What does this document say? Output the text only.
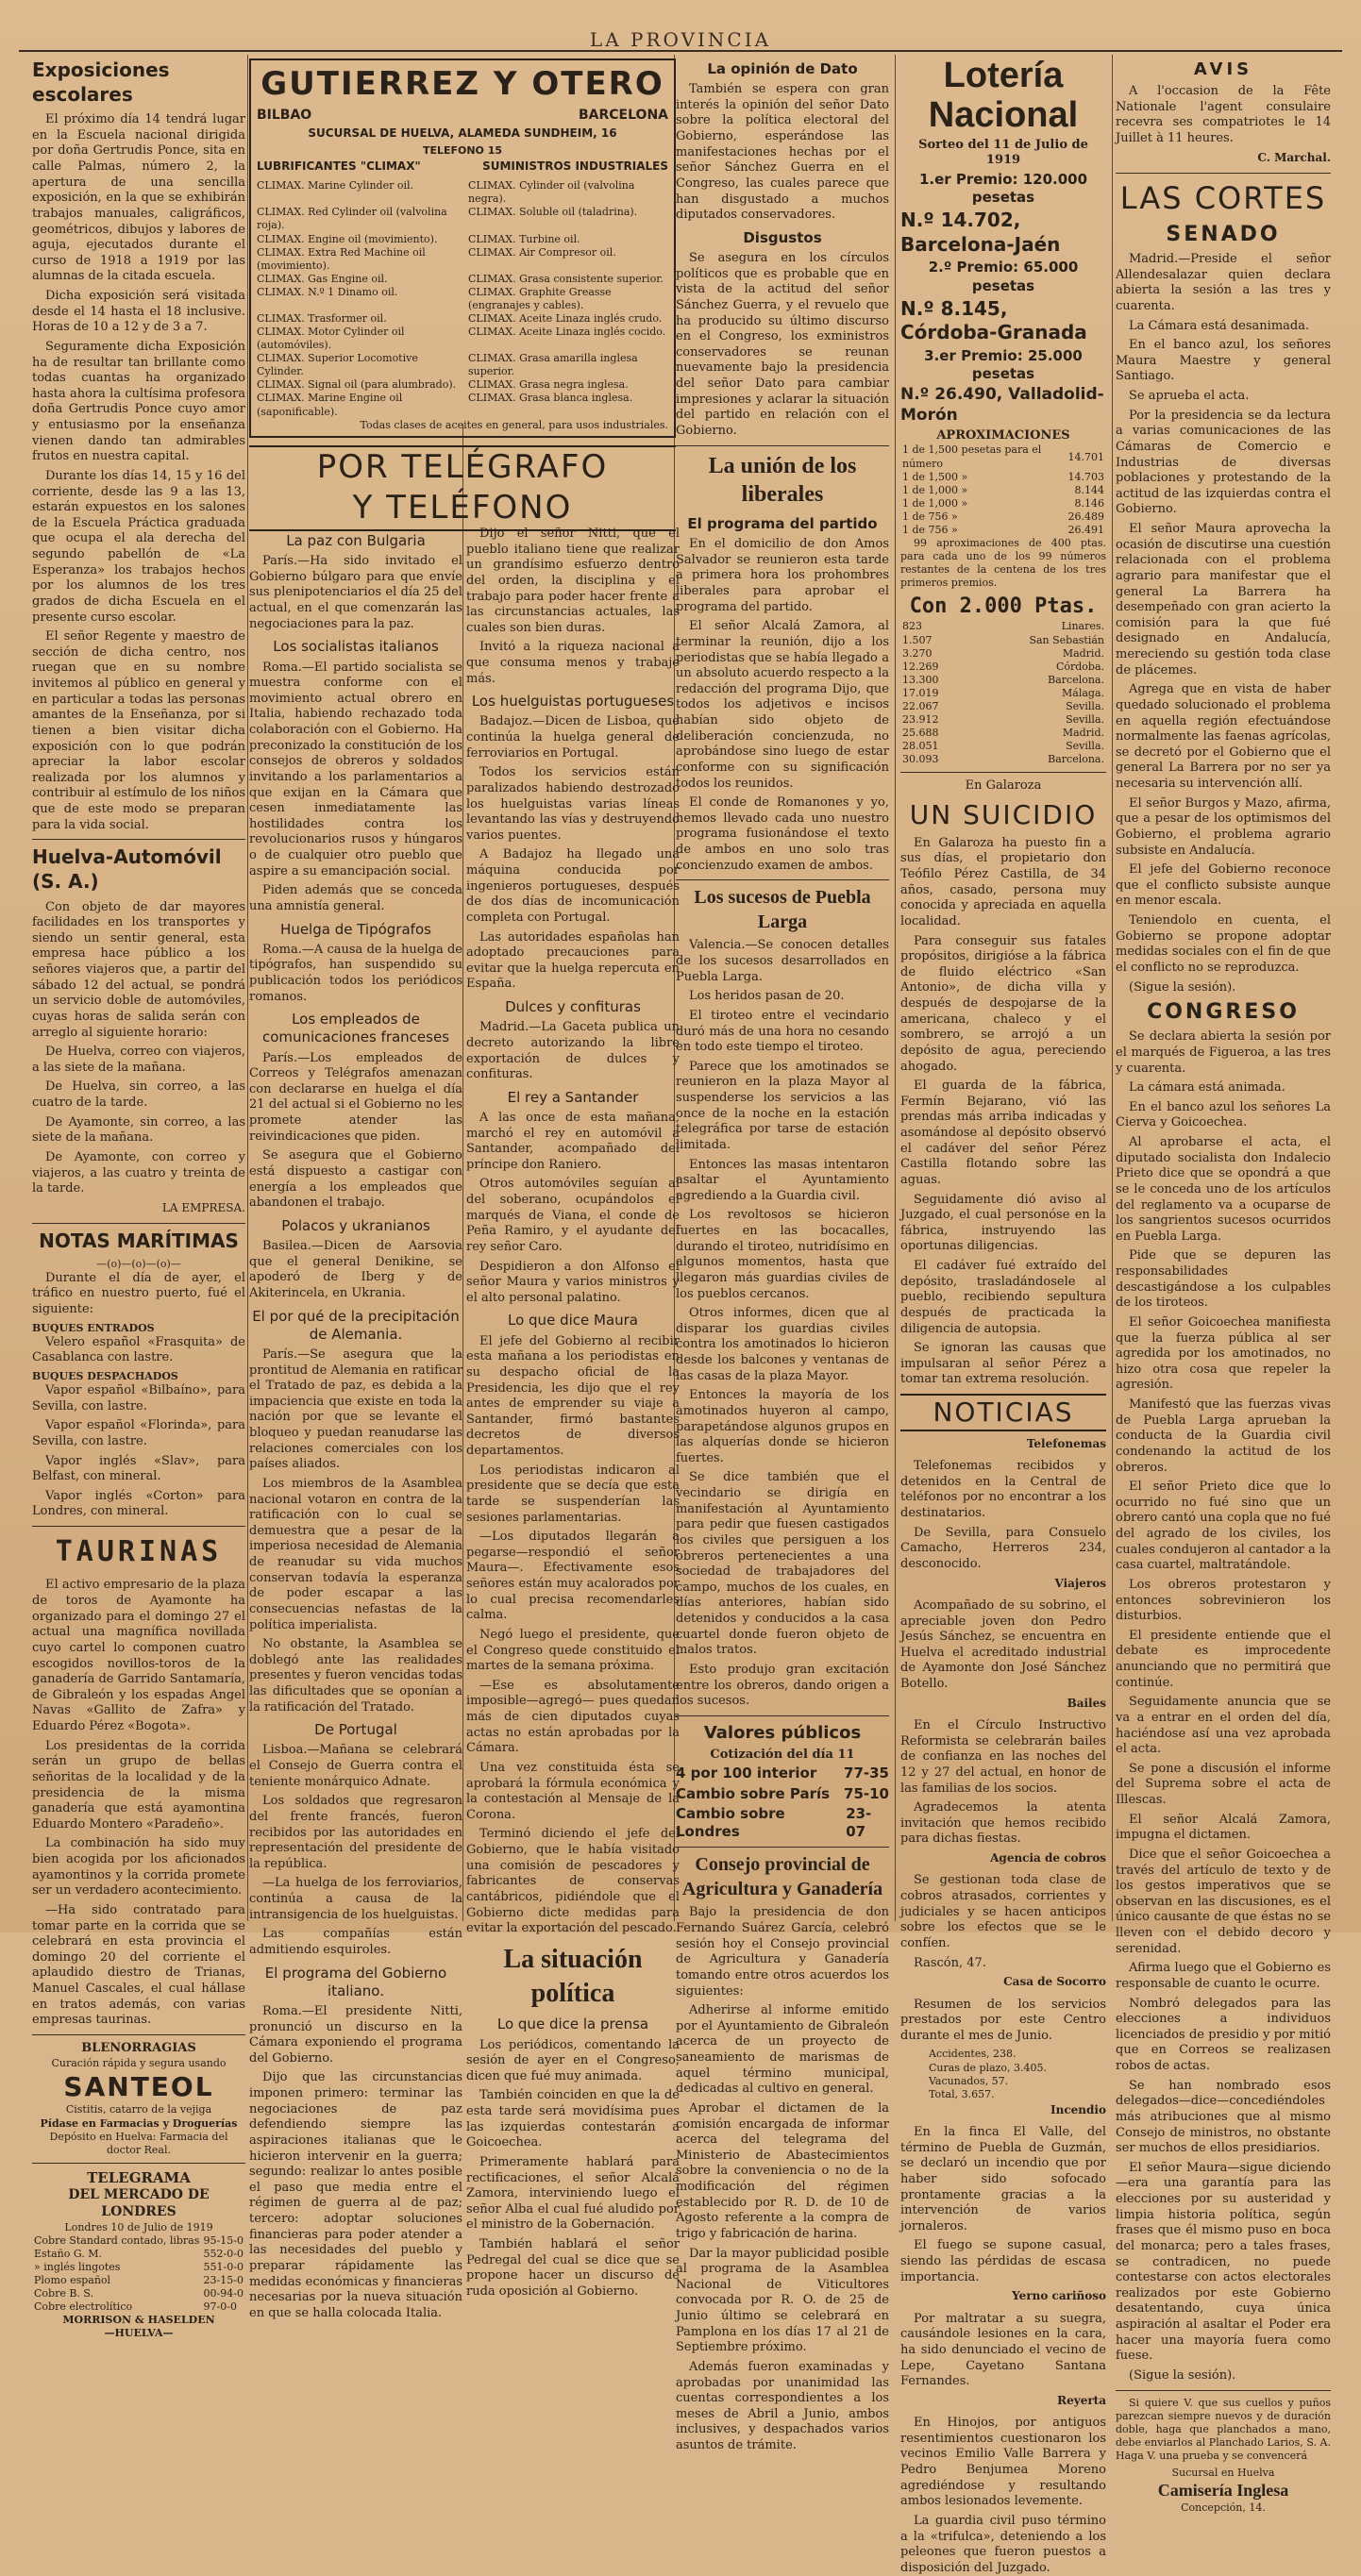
LA PROVINCIA
Exposiciones escolares

El próximo día 14 tendrá lugar en la Escuela nacional dirigida por doña Gertrudis Ponce, sita en calle Palmas, número 2, la apertura de una sencilla exposición, en la que se exhibirán trabajos manuales, caligráficos, geométricos, dibujos y labores de aguja, ejecutados durante el curso de 1918 a 1919 por las alumnas de la citada escuela.

Dicha exposición será visitada desde el 14 hasta el 18 inclusive. Horas de 10 a 12 y de 3 a 7.

Seguramente dicha Exposición ha de resultar tan brillante como todas cuantas ha organizado hasta ahora la cultísima profesora doña Gertrudis Ponce cuyo amor y entusiasmo por la enseñanza vienen dando tan admirables frutos en nuestra capital.

Durante los días 14, 15 y 16 del corriente, desde las 9 a las 13, estarán expuestos en los salones de la Escuela Práctica graduada que ocupa el ala derecha del segundo pabellón de «La Esperanza» los trabajos hechos por los alumnos de los tres grados de dicha Escuela en el presente curso escolar.

El señor Regente y maestro de sección de dicha centro, nos ruegan que en su nombre invitemos al público en general y en particular a todas las personas amantes de la Enseñanza, por si tienen a bien visitar dicha exposición con lo que podrán apreciar la labor escolar realizada por los alumnos y contribuir al estímulo de los niños que de este modo se preparan para la vida social.

Huelva-Automóvil (S. A.)

Con objeto de dar mayores facilidades en los transportes y siendo un sentir general, esta empresa hace público a los señores viajeros que, a partir del sábado 12 del actual, se pondrá un servicio doble de automóviles, cuyas horas de salida serán con arreglo al siguiente horario:

De Huelva, correo con viajeros, a las siete de la mañana.

De Huelva, sin correo, a las cuatro de la tarde.

De Ayamonte, sin correo, a las siete de la mañana.

De Ayamonte, con correo y viajeros, a las cuatro y treinta de la tarde.

LA EMPRESA.
NOTAS MARÍTIMAS
—(o)—(o)—(o)—

Durante el día de ayer, el tráfico en nuestro puerto, fué el siguiente:

BUQUES ENTRADOS

Velero español «Frasquita» de Casablanca con lastre.

BUQUES DESPACHADOS

Vapor español «Bilbaíno», para Sevilla, con lastre.

Vapor español «Florinda», para Sevilla, con lastre.

Vapor inglés «Slav», para Belfast, con mineral.

Vapor inglés «Corton» para Londres, con mineral.

TAURINAS

El activo empresario de la plaza de toros de Ayamonte ha organizado para el domingo 27 el actual una magnífica novillada cuyo cartel lo componen cuatro escogidos novillos-toros de la ganadería de Garrido Santamaría, de Gibraleón y los espadas Angel Navas «Gallito de Zafra» y Eduardo Pérez «Bogota».

Los presidentas de la corrida serán un grupo de bellas señoritas de la localidad y de la presidencia de la misma ganadería que está ayamontina Eduardo Montero «Paradeño».

La combinación ha sido muy bien acogida por los aficionados ayamontinos y la corrida promete ser un verdadero acontecimiento.

—Ha sido contratado para tomar parte en la corrida que se celebrará en esta provincia el domingo 20 del corriente el aplaudido diestro de Trianas, Manuel Cascales, el cual hállase en tratos además, con varias empresas taurinas.

BLENORRAGIAS
Curación rápida y segura usando
SANTEOL
Cistitis, catarro de la vejiga
Pídase en Farmacias y Droguerías
Depósito en Huelva: Farmacia del doctor Real.
TELEGRAMA
DEL MERCADO DE LONDRES
Londres 10 de Julio de 1919
Cobre Standard contado, libras	95-15-0
Estaño G. M.	552-0-0
» inglés lingotes	551-0-0
Plomo español	23-15-0
Cobre B. S.	00-94-0
Cobre electrolítico	97-0-0
MORRISON & HASELDEN
—HUELVA—
GUTIERREZ Y OTERO
BILBAO	BARCELONA
SUCURSAL DE HUELVA, ALAMEDA SUNDHEIM, 16
TELEFONO 15
LUBRIFICANTES "CLIMAX"	SUMINISTROS INDUSTRIALES
CLIMAX. Marine Cylinder oil.	CLIMAX. Cylinder oil (valvolina negra).
CLIMAX. Red Cylinder oil (valvolina roja).
CLIMAX. Soluble oil (taladrina).
CLIMAX. Engine oil (movimiento).	CLIMAX. Turbine oil.
CLIMAX. Extra Red Machine oil (movimiento).
CLIMAX. Air Compresor oil.
CLIMAX. Gas Engine oil.	CLIMAX. Grasa consistente superior.
CLIMAX. N.º 1 Dinamo oil.	CLIMAX. Graphite Greasse (engranajes y cables).
CLIMAX. Trasformer oil.	CLIMAX. Aceite Linaza inglés crudo.
CLIMAX. Motor Cylinder oil (automóviles).
CLIMAX. Aceite Linaza inglés cocido.
CLIMAX. Superior Locomotive Cylinder.
CLIMAX. Grasa amarilla inglesa superior.
CLIMAX. Signal oil (para alumbrado). CLIMAX. Grasa negra inglesa.
CLIMAX. Marine Engine oil (saponificable).
CLIMAX. Grasa blanca inglesa.
Todas clases de aceites en general, para usos industriales.
POR TELÉGRAFO
Y TELÉFONO
La paz con Bulgaria

París.—Ha sido invitado el Gobierno búlgaro para que envíe sus plenipotenciarios el día 25 del actual, en el que comenzarán las negociaciones para la paz.

Los socialistas italianos

Roma.—El partido socialista se muestra conforme con el movimiento actual obrero en Italia, habiendo rechazado toda colaboración con el Gobierno. Ha preconizado la constitución de los consejos de obreros y soldados invitando a los parlamentarios a que exijan en la Cámara que cesen inmediatamente las hostilidades contra los revolucionarios rusos y húngaros o de cualquier otro pueblo que aspire a su emancipación social.

Piden además que se conceda una amnistía general.

Huelga de Tipógrafos

Roma.—A causa de la huelga de tipógrafos, han suspendido su publicación todos los periódicos romanos.

Los empleados de comunicaciones franceses

París.—Los empleados de Correos y Telégrafos amenazan con declararse en huelga el día 21 del actual si el Gobierno no les promete atender las reivindicaciones que piden.

Se asegura que el Gobierno está dispuesto a castigar con energía a los empleados que abandonen el trabajo.

Polacos y ukranianos

Basilea.—Dicen de Aarsovia que el general Denikine, se apoderó de Iberg y de Akiterincela, en Ukrania.

El por qué de la precipitación de Alemania.

París.—Se asegura que la prontitud de Alemania en ratificar el Tratado de paz, es debida a la impaciencia que existe en toda la nación por que se levante el bloqueo y puedan reanudarse las relaciones comerciales con los países aliados.

Los miembros de la Asamblea nacional votaron en contra de la ratificación con lo cual se demuestra que a pesar de la imperiosa necesidad de Alemania de reanudar su vida muchos conservan todavía la esperanza de poder escapar a las consecuencias nefastas de la política imperialista.

No obstante, la Asamblea se doblegó ante las realidades presentes y fueron vencidas todas las dificultades que se oponían a la ratificación del Tratado.

De Portugal

Lisboa.—Mañana se celebrará el Consejo de Guerra contra el teniente monárquico Adnate.

Los soldados que regresaron del frente francés, fueron recibidos por las autoridades en representación del presidente de la república.

—La huelga de los ferroviarios, continúa a causa de la intransigencia de los huelguistas.

Las compañías están admitiendo esquiroles.

El programa del Gobierno italiano.

Roma.—El presidente Nitti, pronunció un discurso en la Cámara exponiendo el programa del Gobierno.

Dijo que las circunstancias imponen primero: terminar las negociaciones de paz defendiendo siempre las aspiraciones italianas que le hicieron intervenir en la guerra; segundo: realizar lo antes posible el paso que media entre el régimen de guerra al de paz; tercero: adoptar soluciones financieras para poder atender a las necesidades del pueblo y preparar rápidamente las medidas económicas y financieras necesarias por la nueva situación en que se halla colocada Italia.

Dijo el señor Nitti, que el pueblo italiano tiene que realizar un grandísimo esfuerzo dentro del orden, la disciplina y el trabajo para poder hacer frente a las circunstancias actuales, las cuales son bien duras.

Invitó a la riqueza nacional a que consuma menos y trabaje más.

Los huelguistas portugueses

Badajoz.—Dicen de Lisboa, que continúa la huelga general de ferroviarios en Portugal.

Todos los servicios están paralizados habiendo destrozado los huelguistas varias líneas levantando las vías y destruyendo varios puentes.

A Badajoz ha llegado una máquina conducida por ingenieros portugueses, después de dos días de incomunicación completa con Portugal.

Las autoridades españolas han adoptado precauciones para evitar que la huelga repercuta en España.

Dulces y confituras

Madrid.—La Gaceta publica un decreto autorizando la libre exportación de dulces y confituras.

El rey a Santander

A las once de esta mañana, marchó el rey en automóvil a Santander, acompañado del príncipe don Raniero.

Otros automóviles seguían al del soberano, ocupándolos el marqués de Viana, el conde de Peña Ramiro, y el ayudante del rey señor Caro.

Despidieron a don Alfonso el señor Maura y varios ministros y el alto personal palatino.

Lo que dice Maura

El jefe del Gobierno al recibir esta mañana a los periodistas en su despacho oficial de la Presidencia, les dijo que el rey antes de emprender su viaje a Santander, firmó bastantes decretos de diversos departamentos.

Los periodistas indicaron al presidente que se decía que esta tarde se suspenderían las sesiones parlamentarias.

—Los diputados llegarán a pegarse—respondió el señor Maura—. Efectivamente esos señores están muy acalorados por lo cual precisa recomendarles calma.

Negó luego el presidente, que el Congreso quede constituido el martes de la semana próxima.

—Ese es absolutamente imposible—agregó— pues quedan más de cien diputados cuyas actas no están aprobadas por la Cámara.

Una vez constituida ésta se aprobará la fórmula económica y la contestación al Mensaje de la Corona.

Terminó diciendo el jefe del Gobierno, que le había visitado una comisión de pescadores y fabricantes de conservas cantábricos, pidiéndole que el Gobierno dicte medidas para evitar la exportación del pescado.

La situación política
Lo que dice la prensa

Los periódicos, comentando la sesión de ayer en el Congreso, dicen que fué muy animada.

También coinciden en que la de esta tarde será movidísima pues las izquierdas contestarán a Goicoechea.

Primeramente hablará para rectificaciones, el señor Alcalá Zamora, interviniendo luego el señor Alba el cual fué aludido por el ministro de la Gobernación.

También hablará el señor Pedregal del cual se dice que se propone hacer un discurso de ruda oposición al Gobierno.

La opinión de Dato

También se espera con gran interés la opinión del señor Dato sobre la política electoral del Gobierno, esperándose las manifestaciones hechas por el señor Sánchez Guerra en el Congreso, las cuales parece que han disgustado a muchos diputados conservadores.

Disgustos

Se asegura en los círculos políticos que es probable que en vista de la actitud del señor Sánchez Guerra, y el revuelo que ha producido su último discurso en el Congreso, los exministros conservadores se reunan nuevamente bajo la presidencia del señor Dato para cambiar impresiones y aclarar la situación del partido en relación con el Gobierno.

La unión de los liberales
El programa del partido

En el domicilio de don Amos Salvador se reunieron esta tarde a primera hora los prohombres liberales para aprobar el programa del partido.

El señor Alcalá Zamora, al terminar la reunión, dijo a los periodistas que se había llegado a un absoluto acuerdo respecto a la redacción del programa Dijo, que todos los adjetivos e incisos habían sido objeto de deliberación concienzuda, no aprobándose sino luego de estar conforme con su significación todos los reunidos.

El conde de Romanones y yo, hemos llevado cada uno nuestro programa fusionándose el texto de ambos en uno solo tras concienzudo examen de ambos.

Los sucesos de Puebla Larga

Valencia.—Se conocen detalles de los sucesos desarrollados en Puebla Larga.

Los heridos pasan de 20.

El tiroteo entre el vecindario duró más de una hora no cesando en todo este tiempo el tiroteo.

Parece que los amotinados se reunieron en la plaza Mayor al suspenderse los servicios a las once de la noche en la estación telegráfica por tarse de estación limitada.

Entonces las masas intentaron asaltar el Ayuntamiento agrediendo a la Guardia civil.

Los revoltosos se hicieron fuertes en las bocacalles, durando el tiroteo, nutridísimo en algunos momentos, hasta que llegaron más guardias civiles de los pueblos cercanos.

Otros informes, dicen que al disparar los guardias civiles contra los amotinados lo hicieron desde los balcones y ventanas de las casas de la plaza Mayor.

Entonces la mayoría de los amotinados huyeron al campo, parapetándose algunos grupos en las alquerías donde se hicieron fuertes.

Se dice también que el vecindario se dirigía en manifestación al Ayuntamiento para pedir que fuesen castigados los civiles que persiguen a los obreros pertenecientes a una sociedad de trabajadores del campo, muchos de los cuales, en días anteriores, habían sido detenidos y conducidos a la casa cuartel donde fueron objeto de malos tratos.

Esto produjo gran excitación entre los obreros, dando origen a los sucesos.

Valores públicos
Cotización del día 11
4 por 100 interior 77-35
Cambio sobre París 75-10
Cambio sobre Londres
23-07
Consejo provincial de Agricultura y Ganadería

Bajo la presidencia de don Fernando Suárez García, celebró sesión hoy el Consejo provincial de Agricultura y Ganadería tomando entre otros acuerdos los siguientes:

Adherirse al informe emitido por el Ayuntamiento de Gibraleón acerca de un proyecto de saneamiento de marismas de aquel término municipal, dedicadas al cultivo en general.

Aprobar el dictamen de la comisión encargada de informar acerca del telegrama del Ministerio de Abastecimientos sobre la conveniencia o no de la modificación del régimen establecido por R. D. de 10 de Agosto referente a la compra de trigo y fabricación de harina.

Dar la mayor publicidad posible al programa de la Asamblea Nacional de Viticultores convocada por R. O. de 25 de Junio último se celebrará en Pamplona en los días 17 al 21 de Septiembre próximo.

Además fueron examinadas y aprobadas por unanimidad las cuentas correspondientes a los meses de Abril a Junio, ambos inclusives, y despachados varios asuntos de trámite.

Lotería Nacional
Sorteo del 11 de Julio de 1919
1.er Premio: 120.000 pesetas
N.º 14.702, Barcelona-Jaén
2.º Premio: 65.000 pesetas
N.º 8.145, Córdoba-Granada
3.er Premio: 25.000 pesetas
N.º 26.490, Valladolid-Morón
APROXIMACIONES
1 de 1,500 pesetas para el número	14.701
1 de 1,500 »	14.703
1 de 1,000 »	8.144
1 de 1,000 »	8.146
1 de 756 »	26.489
1 de 756 »	26.491

99 aproximaciones de 400 ptas. para cada uno de los 99 números restantes de la centena de los tres primeros premios.

Con 2.000 Ptas.
823	Linares.
1.507	San Sebastián
3.270	Madrid.
12.269	Córdoba.
13.300	Barcelona.
17.019	Málaga.
22.067	Sevilla.
23.912	Sevilla.
25.688	Madrid.
28.051	Sevilla.
30.093	Barcelona.
En Galaroza
UN SUICIDIO

En Galaroza ha puesto fin a sus días, el propietario don Teófilo Pérez Castilla, de 34 años, casado, persona muy conocida y apreciada en aquella localidad.

Para conseguir sus fatales propósitos, dirigióse a la fábrica de fluido eléctrico «San Antonio», de dicha villa y después de despojarse de la americana, chaleco y el sombrero, se arrojó a un depósito de agua, pereciendo ahogado.

El guarda de la fábrica, Fermín Bejarano, vió las prendas más arriba indicadas y asomándose al depósito observó el cadáver del señor Pérez Castilla flotando sobre las aguas.

Seguidamente dió aviso al Juzgado, el cual personóse en la fábrica, instruyendo las oportunas diligencias.

El cadáver fué extraído del depósito, trasladándosele al pueblo, recibiendo sepultura después de practicada la diligencia de autopsia.

Se ignoran las causas que impulsaran al señor Pérez a tomar tan extrema resolución.

NOTICIAS
Telefonemas

Telefonemas recibidos y detenidos en la Central de teléfonos por no encontrar a los destinatarios.

De Sevilla, para Consuelo Camacho, Herreros 234, desconocido.

Viajeros

Acompañado de su sobrino, el apreciable joven don Pedro Jesús Sánchez, se encuentra en Huelva el acreditado industrial de Ayamonte don José Sánchez Botello.

Bailes

En el Círculo Instructivo Reformista se celebrarán bailes de confianza en las noches del 12 y 27 del actual, en honor de las familias de los socios.

Agradecemos la atenta invitación que hemos recibido para dichas fiestas.

Agencia de cobros

Se gestionan toda clase de cobros atrasados, corrientes y judiciales y se hacen anticipos sobre los efectos que se le confíen.

Rascón, 47.

Casa de Socorro

Resumen de los servicios prestados por este Centro durante el mes de Junio.

Accidentes, 238.
Curas de plazo, 3.405.
Vacunados, 57.
Total, 3.657.
Incendio

En la finca El Valle, del término de Puebla de Guzmán, se declaró un incendio que por haber sido sofocado prontamente gracias a la intervención de varios jornaleros.

El fuego se supone casual, siendo las pérdidas de escasa importancia.

Yerno cariñoso

Por maltratar a su suegra, causándole lesiones en la cara, ha sido denunciado el vecino de Lepe, Cayetano Santana Fernandes.

Reyerta

En Hinojos, por antiguos resentimientos cuestionaron los vecinos Emilio Valle Barrera y Pedro Benjumea Moreno agrediéndose y resultando ambos lesionados levemente.

La guardia civil puso término a la «trifulca», deteniendo a los peleones que fueron puestos a disposición del Juzgado.

AVIS

A l'occasion de la Fête Nationale l'agent consulaire recevra ses compatriotes le 14 Juillet à 11 heures.

C. Marchal.
LAS CORTES
SENADO

Madrid.—Preside el señor Allendesalazar quien declara abierta la sesión a las tres y cuarenta.

La Cámara está desanimada.

En el banco azul, los señores Maura Maestre y general Santiago.

Se aprueba el acta.

Por la presidencia se da lectura a varias comunicaciones de las Cámaras de Comercio e Industrias de diversas poblaciones y protestando de la actitud de las izquierdas contra el Gobierno.

El señor Maura aprovecha la ocasión de discutirse una cuestión relacionada con el problema agrario para manifestar que el general La Barrera ha desempeñado con gran acierto la comisión para la que fué designado en Andalucía, mereciendo su gestión toda clase de plácemes.

Agrega que en vista de haber quedado solucionado el problema en aquella región efectuándose normalmente las faenas agrícolas, se decretó por el Gobierno que el general La Barrera por no ser ya necesaria su intervención allí.

El señor Burgos y Mazo, afirma, que a pesar de los optimismos del Gobierno, el problema agrario subsiste en Andalucía.

El jefe del Gobierno reconoce que el conflicto subsiste aunque en menor escala.

Teniendolo en cuenta, el Gobierno se propone adoptar medidas sociales con el fin de que el conflicto no se reproduzca.

(Sigue la sesión).

CONGRESO

Se declara abierta la sesión por el marqués de Figueroa, a las tres y cuarenta.

La cámara está animada.

En el banco azul los señores La Cierva y Goicoechea.

Al aprobarse el acta, el diputado socialista don Indalecio Prieto dice que se opondrá a que se le conceda uno de los artículos del reglamento va a ocuparse de los sangrientos sucesos ocurridos en Puebla Larga.

Pide que se depuren las responsabilidades descastigándose a los culpables de los tiroteos.

El señor Goicoechea manifiesta que la fuerza pública al ser agredida por los amotinados, no hizo otra cosa que repeler la agresión.

Manifestó que las fuerzas vivas de Puebla Larga aprueban la conducta de la Guardia civil condenando la actitud de los obreros.

El señor Prieto dice que lo ocurrido no fué sino que un obrero cantó una copla que no fué del agrado de los civiles, los cuales condujeron al cantador a la casa cuartel, maltratándole.

Los obreros protestaron y entonces sobrevinieron los disturbios.

El presidente entiende que el debate es improcedente anunciando que no permitirá que continúe.

Seguidamente anuncia que se va a entrar en el orden del día, haciéndose así una vez aprobada el acta.

Se pone a discusión el informe del Suprema sobre el acta de Illescas.

El señor Alcalá Zamora, impugna el dictamen.

Dice que el señor Goicoechea a través del artículo de texto y de los gestos imperativos que se observan en las discusiones, es el único causante de que éstas no se lleven con el debido decoro y serenidad.

Afirma luego que el Gobierno es responsable de cuanto le ocurre.

Nombró delegados para las elecciones a individuos licenciados de presidio y por mitió que en Correos se realizasen robos de actas.

Se han nombrado esos delegados—dice—concediéndoles más atribuciones que al mismo Consejo de ministros, no obstante ser muchos de ellos presidiarios.

El señor Maura—sigue diciendo—era una garantía para las elecciones por su austeridad y limpia historia política, según frases que él mismo puso en boca del monarca; pero a tales frases, se contradicen, no puede contestarse con actos electorales realizados por este Gobierno desatentando, cuya única aspiración al asaltar el Poder era hacer una mayoría fuera como fuese.

(Sigue la sesión).

Si quiere V. que sus cuellos y puños parezcan siempre nuevos y de duración doble, haga que planchados a mano, debe enviarlos al Planchado Larios, S. A. Haga V. una prueba y se convencerá

Sucursal en Huelva
Camisería Inglesa
Concepción, 14.
